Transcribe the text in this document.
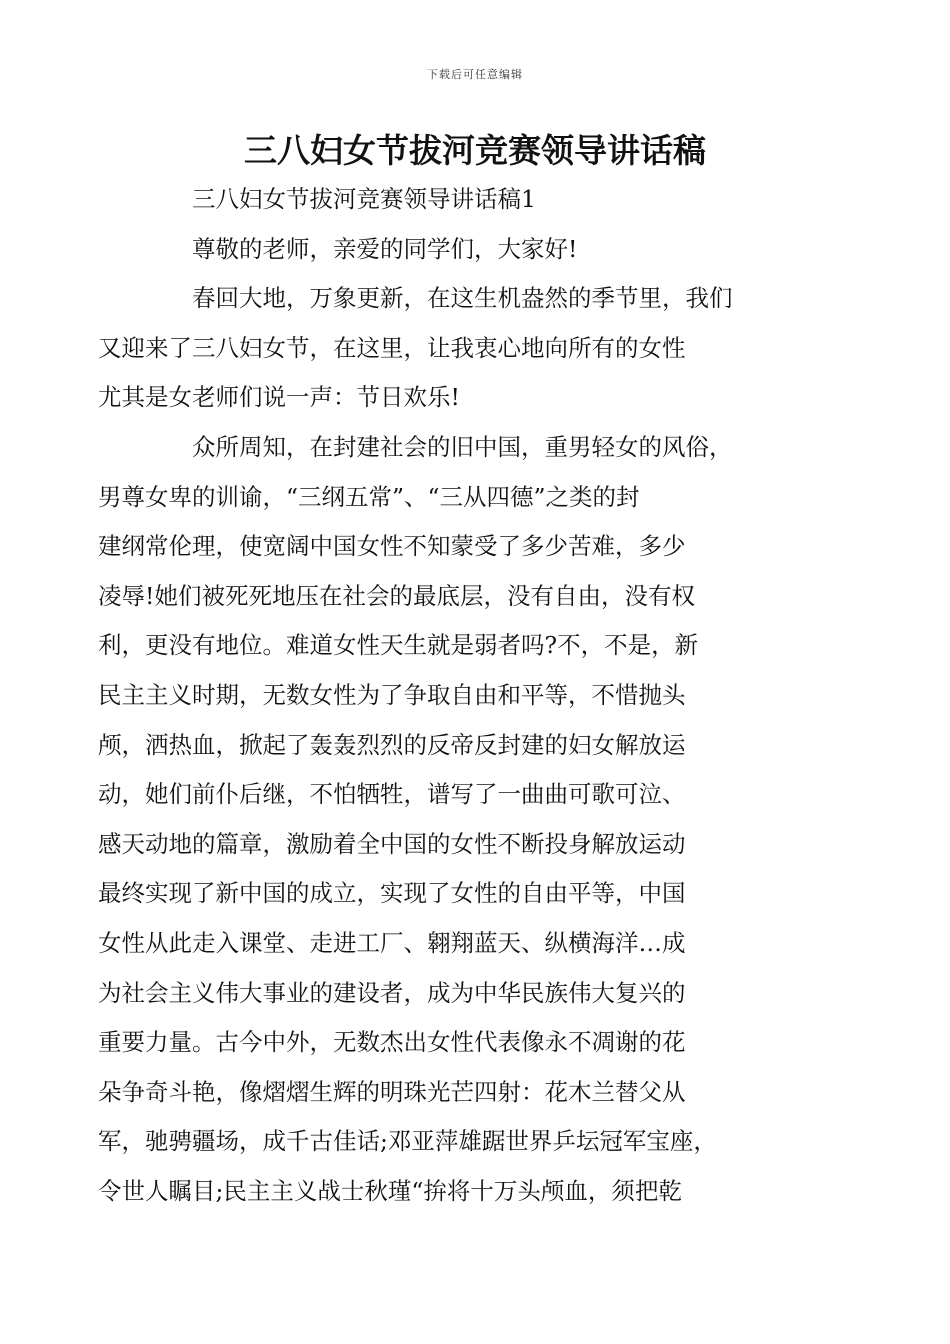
下载后可任意编辑
三八妇女节拔河竞赛领导讲话稿
三八妇女节拔河竞赛领导讲话稿1
尊敬的老师，亲爱的同学们，大家好!
春回大地，万象更新，在这生机盎然的季节里，我们
又迎来了三八妇女节，在这里，让我衷心地向所有的女性
尤其是女老师们说一声：节日欢乐!
众所周知，在封建社会的旧中国，重男轻女的风俗，
男尊女卑的训谕，“三纲五常”、“三从四德”之类的封
建纲常伦理，使宽阔中国女性不知蒙受了多少苦难，多少
凌辱!她们被死死地压在社会的最底层，没有自由，没有权
利，更没有地位。难道女性天生就是弱者吗?不，不是，新
民主主义时期，无数女性为了争取自由和平等，不惜抛头
颅，洒热血，掀起了轰轰烈烈的反帝反封建的妇女解放运
动，她们前仆后继，不怕牺牲，谱写了一曲曲可歌可泣、
感天动地的篇章，激励着全中国的女性不断投身解放运动
最终实现了新中国的成立，实现了女性的自由平等，中国
女性从此走入课堂、走进工厂、翱翔蓝天、纵横海洋…成
为社会主义伟大事业的建设者，成为中华民族伟大复兴的
重要力量。古今中外，无数杰出女性代表像永不凋谢的花
朵争奇斗艳，像熠熠生辉的明珠光芒四射：花木兰替父从
军，驰骋疆场，成千古佳话;邓亚萍雄踞世界乒坛冠军宝座，
令世人瞩目;民主主义战士秋瑾“拚将十万头颅血，须把乾
